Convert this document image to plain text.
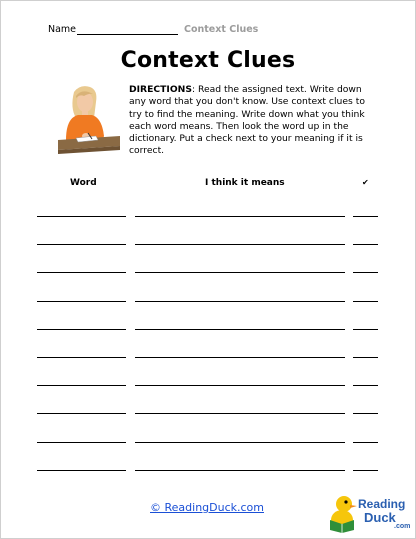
Name	Context Clues
Context Clues
DIRECTIONS: Read the assigned text. Write down any word that you don't know. Use context clues to try to find the meaning. Write down what you think each word means. Then look the word up in the dictionary. Put a check next to your meaning if it is correct.
Word	I think it means	✔
© ReadingDuck.com	Reading
Duck
.com
